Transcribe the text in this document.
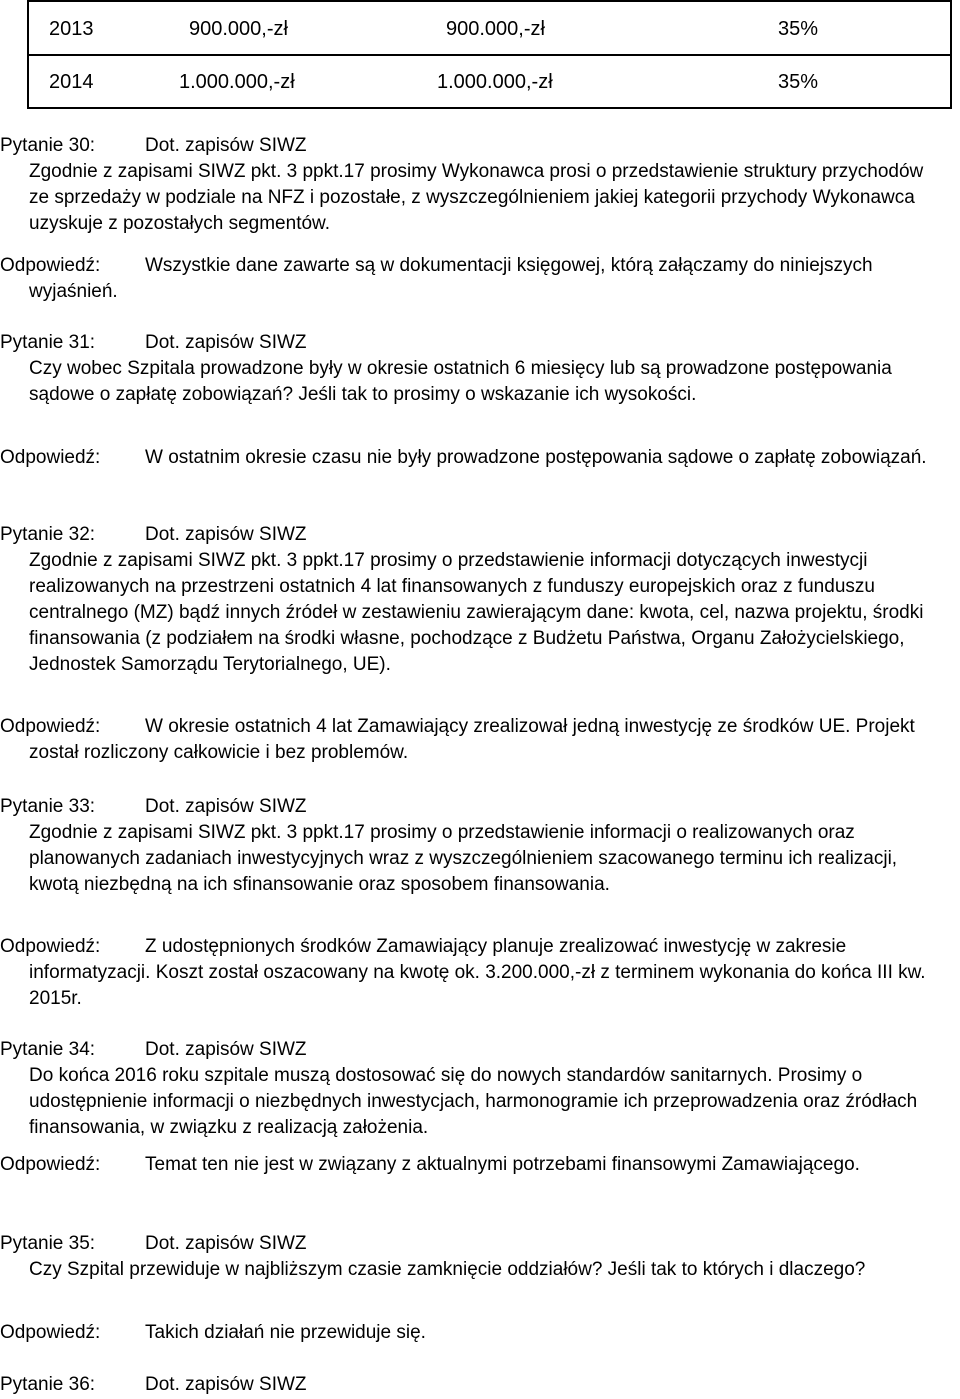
2013	900.000,-zł	900.000,-zł	35%
2014	1.000.000,-zł	1.000.000,-zł	35%
Pytanie 30:	Dot. zapisów SIWZ
Zgodnie z zapisami SIWZ pkt. 3 ppkt.17 prosimy Wykonawca prosi o przedstawienie struktury przychodów ze sprzedaży w podziale na NFZ i pozostałe, z wyszczególnieniem jakiej kategorii przychody Wykonawca uzyskuje z pozostałych segmentów.
Odpowiedź:	Wszystkie dane zawarte są w dokumentacji księgowej, którą załączamy do niniejszych wyjaśnień.
Pytanie 31:	Dot. zapisów SIWZ
Czy wobec Szpitala prowadzone były w okresie ostatnich 6 miesięcy lub są prowadzone postępowania sądowe o zapłatę zobowiązań? Jeśli tak to prosimy o wskazanie ich wysokości.
Odpowiedź:	W ostatnim okresie czasu nie były prowadzone postępowania sądowe o zapłatę zobowiązań.
Pytanie 32:	Dot. zapisów SIWZ
Zgodnie z zapisami SIWZ pkt. 3 ppkt.17 prosimy o przedstawienie informacji dotyczących inwestycji realizowanych na przestrzeni ostatnich 4 lat finansowanych z funduszy europejskich oraz z funduszu centralnego (MZ) bądź innych źródeł w zestawieniu zawierającym dane: kwota, cel, nazwa projektu, środki finansowania (z podziałem na środki własne, pochodzące z Budżetu Państwa, Organu Założycielskiego, Jednostek Samorządu Terytorialnego, UE).
Odpowiedź:	W okresie ostatnich 4 lat Zamawiający zrealizował jedną inwestycję ze środków UE. Projekt został rozliczony całkowicie i bez problemów.
Pytanie 33:	Dot. zapisów SIWZ
Zgodnie z zapisami SIWZ pkt. 3 ppkt.17 prosimy o przedstawienie informacji o realizowanych oraz planowanych zadaniach inwestycyjnych wraz z wyszczególnieniem szacowanego terminu ich realizacji, kwotą niezbędną na ich sfinansowanie oraz sposobem finansowania.
Odpowiedź:	Z udostępnionych środków Zamawiający planuje zrealizować inwestycję w zakresie informatyzacji. Koszt został oszacowany na kwotę ok. 3.200.000,-zł z terminem wykonania do końca III kw. 2015r.
Pytanie 34:	Dot. zapisów SIWZ
Do końca 2016 roku szpitale muszą dostosować się do nowych standardów sanitarnych. Prosimy o udostępnienie informacji o niezbędnych inwestycjach, harmonogramie ich przeprowadzenia oraz źródłach finansowania, w związku z realizacją założenia.
Odpowiedź:	Temat ten nie jest w związany z aktualnymi potrzebami finansowymi Zamawiającego.
Pytanie 35:	Dot. zapisów SIWZ
Czy Szpital przewiduje w najbliższym czasie zamknięcie oddziałów? Jeśli tak to których i dlaczego?
Odpowiedź:	Takich działań nie przewiduje się.
Pytanie 36:	Dot. zapisów SIWZ
